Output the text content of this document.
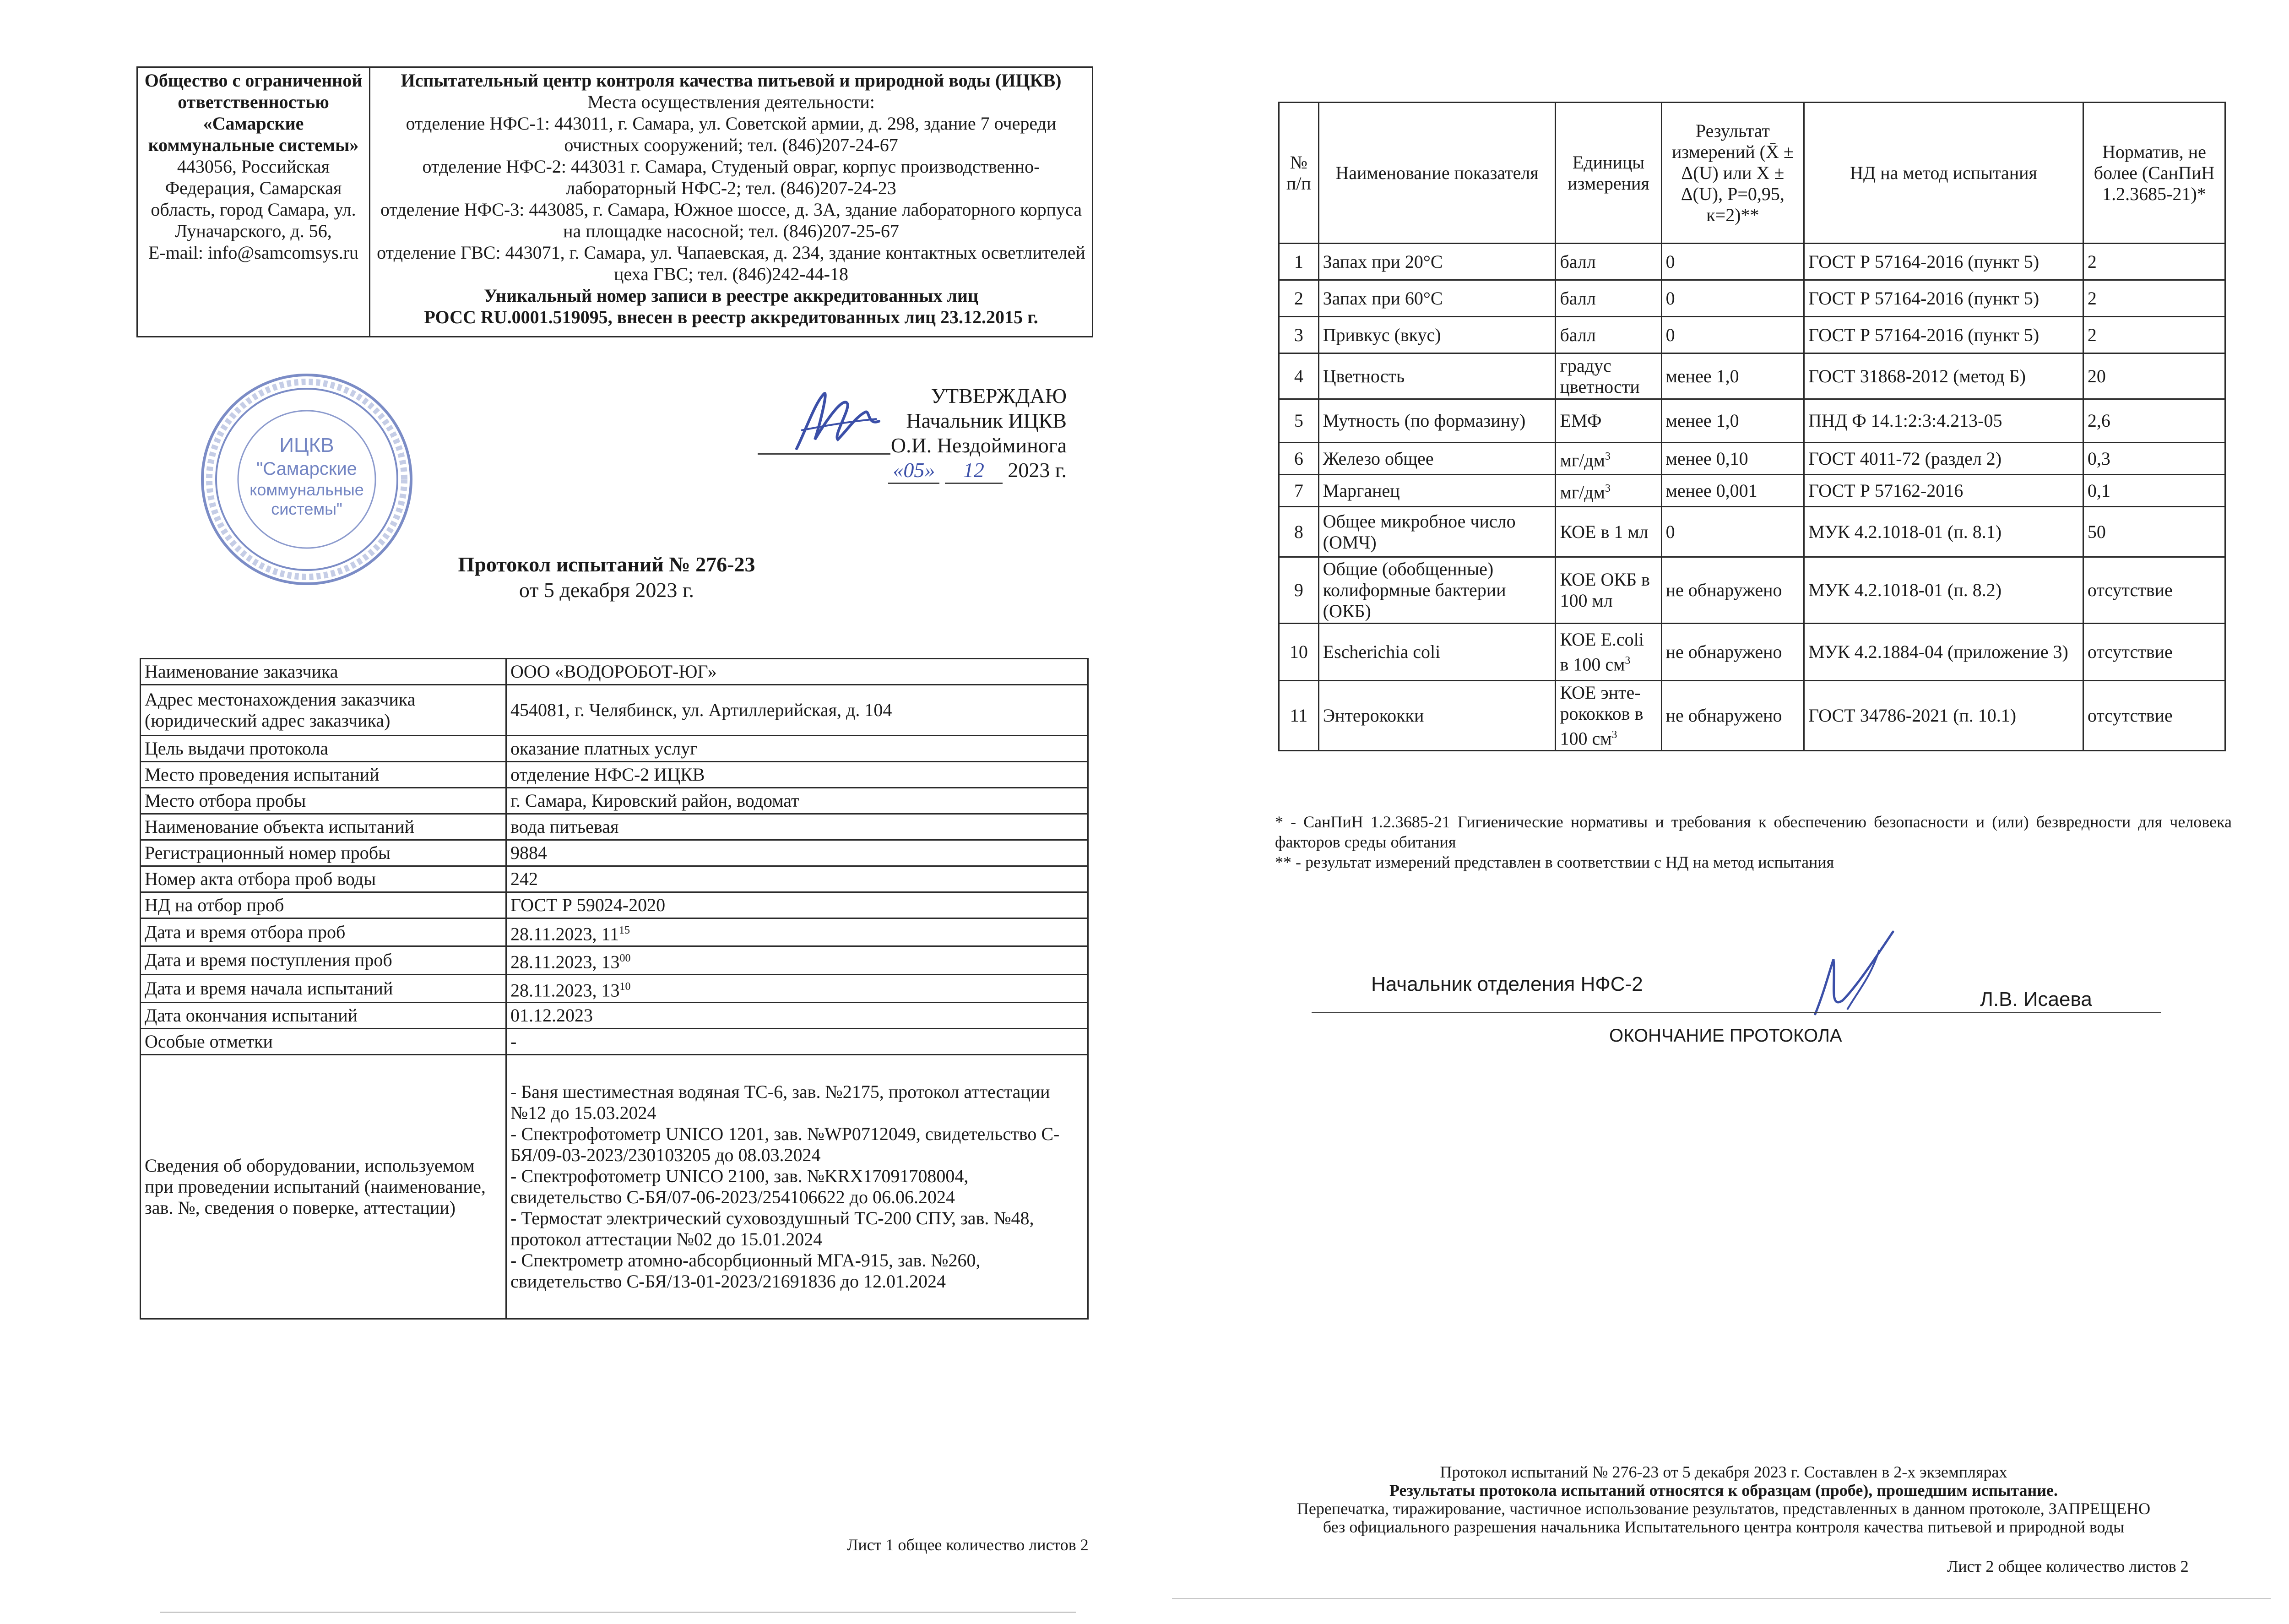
Общество с ограниченной ответственностью
«Самарские коммунальные системы»
443056, Российская Федерация, Самарская область, город Самара, ул. Луначарского, д. 56,
E-mail: info@samcomsys.ru

Испытательный центр контроля качества питьевой и природной воды (ИЦКВ)
Места осуществления деятельности:
отделение НФС-1: 443011, г. Самара, ул. Советской армии, д. 298, здание 7 очереди очистных сооружений; тел. (846)207-24-67
отделение НФС-2: 443031 г. Самара, Студеный овраг, корпус производственно-лабораторный НФС-2; тел. (846)207-24-23
отделение НФС-3: 443085, г. Самара, Южное шоссе, д. 3А, здание лабораторного корпуса на площадке насосной; тел. (846)207-25-67
отделение ГВС: 443071, г. Самара, ул. Чапаевская, д. 234, здание контактных осветлителей цеха ГВС; тел. (846)242-44-18
Уникальный номер записи в реестре аккредитованных лиц
РОСС RU.0001.519095, внесен в реестр аккредитованных лиц 23.12.2015 г.
ИЦКВ
"Самарские
коммунальные
системы"
УТВЕРЖДАЮ
Начальник ИЦКВ
О.И. Нездойминога
«05» 12 2023 г.
Протокол испытаний № 276-23
от 5 декабря 2023 г.
Наименование заказчика	ООО «ВОДОРОБОТ-ЮГ»
Адрес местонахождения заказчика (юридический адрес заказчика)	454081, г. Челябинск, ул. Артиллерийская, д. 104
Цель выдачи протокола	оказание платных услуг
Место проведения испытаний	отделение НФС-2 ИЦКВ
Место отбора пробы	г. Самара, Кировский район, водомат
Наименование объекта испытаний	вода питьевая
Регистрационный номер пробы	9884
Номер акта отбора проб воды	242
НД на отбор проб	ГОСТ Р 59024-2020
Дата и время отбора проб	28.11.2023, $11^{15}$
Дата и время поступления проб	28.11.2023, $13^{00}$
Дата и время начала испытаний	28.11.2023, $13^{10}$
Дата окончания испытаний	01.12.2023
Особые отметки	-
Сведения об оборудовании, используемом при проведении испытаний (наименование, зав. №, сведения о поверке, аттестации)	- Баня шестиместная водяная ТС-6, зав. №2175, протокол аттестации №12 до 15.03.2024
- Спектрофотометр UNICO 1201, зав. №WP0712049, свидетельство С-БЯ/09-03-2023/230103205 до 08.03.2024
- Спектрофотометр UNICO 2100, зав. №KRX17091708004, свидетельство С-БЯ/07-06-2023/254106622 до 06.06.2024
- Термостат электрический суховоздушный ТС-200 СПУ, зав. №48, протокол аттестации №02 до 15.01.2024
- Спектрометр атомно-абсорбционный МГА-915, зав. №260, свидетельство С-БЯ/13-01-2023/21691836 до 12.01.2024
Лист 1 общее количество листов 2
№ п/п	Наименование показателя	Единицы измерения	Результат измерений (X̄ ± Δ(U) или X ± Δ(U), P=0,95, к=2)**	НД на метод испытания	Норматив, не более (СанПиН 1.2.3685-21)*
1	Запах при 20°С	балл	0	ГОСТ Р 57164-2016 (пункт 5)	2
2	Запах при 60°С	балл	0	ГОСТ Р 57164-2016 (пункт 5)	2
3	Привкус (вкус)	балл	0	ГОСТ Р 57164-2016 (пункт 5)	2
4	Цветность	градус цветности	менее 1,0	ГОСТ 31868-2012 (метод Б)	20
5	Мутность (по формазину)	ЕМФ	менее 1,0	ПНД Ф 14.1:2:3:4.213-05	2,6
6	Железо общее	$мг/дм^3$	менее 0,10	ГОСТ 4011-72 (раздел 2)	0,3
7	Марганец	$мг/дм^3$	менее 0,001	ГОСТ Р 57162-2016	0,1
8	Общее микробное число (ОМЧ)	КОЕ в 1 мл	0	МУК 4.2.1018-01 (п. 8.1)	50
9	Общие (обобщенные) колиформные бактерии (ОКБ)	КОЕ ОКБ в 100 мл	не обнаружено	МУК 4.2.1018-01 (п. 8.2)	отсутствие
10	Escherichia coli	КОЕ E.coli в 100 $см^3$	не обнаружено	МУК 4.2.1884-04 (приложение 3)	отсутствие
11	Энтерококки	КОЕ энте-рококков в 100 $см^3$	не обнаружено	ГОСТ 34786-2021 (п. 10.1)	отсутствие
* - СанПиН 1.2.3685-21 Гигиенические нормативы и требования к обеспечению безопасности и (или) безвредности для человека факторов среды обитания
** - результат измерений представлен в соответствии с НД на метод испытания
Начальник отделения НФС-2
Л.В. Исаева
ОКОНЧАНИЕ ПРОТОКОЛА
Протокол испытаний № 276-23 от 5 декабря 2023 г. Составлен в 2-х экземплярах
Результаты протокола испытаний относятся к образцам (пробе), прошедшим испытание.
Перепечатка, тиражирование, частичное использование результатов, представленных в данном протоколе, ЗАПРЕЩЕНО
без официального разрешения начальника Испытательного центра контроля качества питьевой и природной воды
Лист 2 общее количество листов 2
